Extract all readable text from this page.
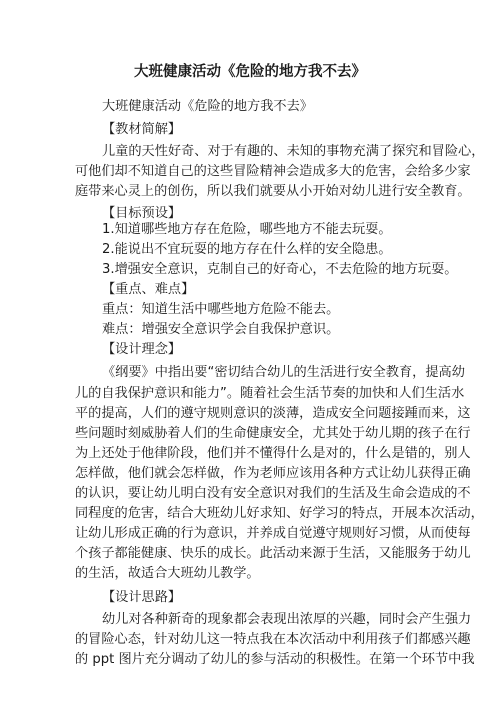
大班健康活动《危险的地方我不去》
大班健康活动《危险的地方我不去》
【教材简解】
儿童的天性好奇、对于有趣的、未知的事物充满了探究和冒险心，
可他们却不知道自己的这些冒险精神会造成多大的危害，会给多少家
庭带来心灵上的创伤，所以我们就要从小开始对幼儿进行安全教育。
【目标预设】
1.知道哪些地方存在危险，哪些地方不能去玩耍。
2.能说出不宜玩耍的地方存在什么样的安全隐患。
3.增强安全意识，克制自己的好奇心，不去危险的地方玩耍。
【重点、难点】
重点：知道生活中哪些地方危险不能去。
难点：增强安全意识学会自我保护意识。
【设计理念】
《纲要》中指出要“密切结合幼儿的生活进行安全教育，提高幼
儿的自我保护意识和能力”。随着社会生活节奏的加快和人们生活水
平的提高，人们的遵守规则意识的淡薄，造成安全问题接踵而来，这
些问题时刻威胁着人们的生命健康安全，尤其处于幼儿期的孩子在行
为上还处于他律阶段，他们并不懂得什么是对的，什么是错的，别人
怎样做，他们就会怎样做，作为老师应该用各种方式让幼儿获得正确
的认识，要让幼儿明白没有安全意识对我们的生活及生命会造成的不
同程度的危害，结合大班幼儿好求知、好学习的特点，开展本次活动，
让幼儿形成正确的行为意识，并养成自觉遵守规则好习惯，从而使每
个孩子都能健康、快乐的成长。此活动来源于生活，又能服务于幼儿
的生活，故适合大班幼儿教学。
【设计思路】
幼儿对各种新奇的现象都会表现出浓厚的兴趣，同时会产生强力
的冒险心态，针对幼儿这一特点我在本次活动中利用孩子们都感兴趣
的 ppt 图片充分调动了幼儿的参与活动的积极性。在第一个环节中我
